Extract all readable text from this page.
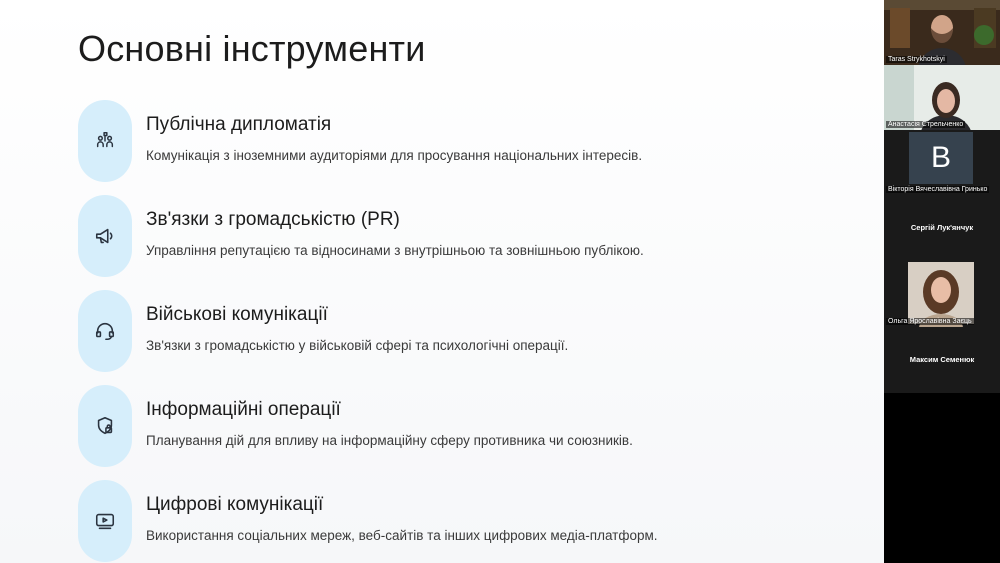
Основні інструменти
Публічна дипломатія
Комунікація з іноземними аудиторіями для просування національних інтересів.
Зв'язки з громадськістю (PR)
Управління репутацією та відносинами з внутрішньою та зовнішньою публікою.
Військові комунікації
Зв'язки з громадськістю у військовій сфері та психологічні операції.
Інформаційні операції
Планування дій для впливу на інформаційну сферу противника чи союзників.
Цифрові комунікації
Використання соціальних мереж, веб-сайтів та інших цифрових медіа-платформ.
Taras Strykhotskyi
Анастасія Стрельченко
B
Вікторія Вячеславівна Гринько
Сергій Лук'янчук
Ольга Ярославівна Заєць
Максим Семенюк
